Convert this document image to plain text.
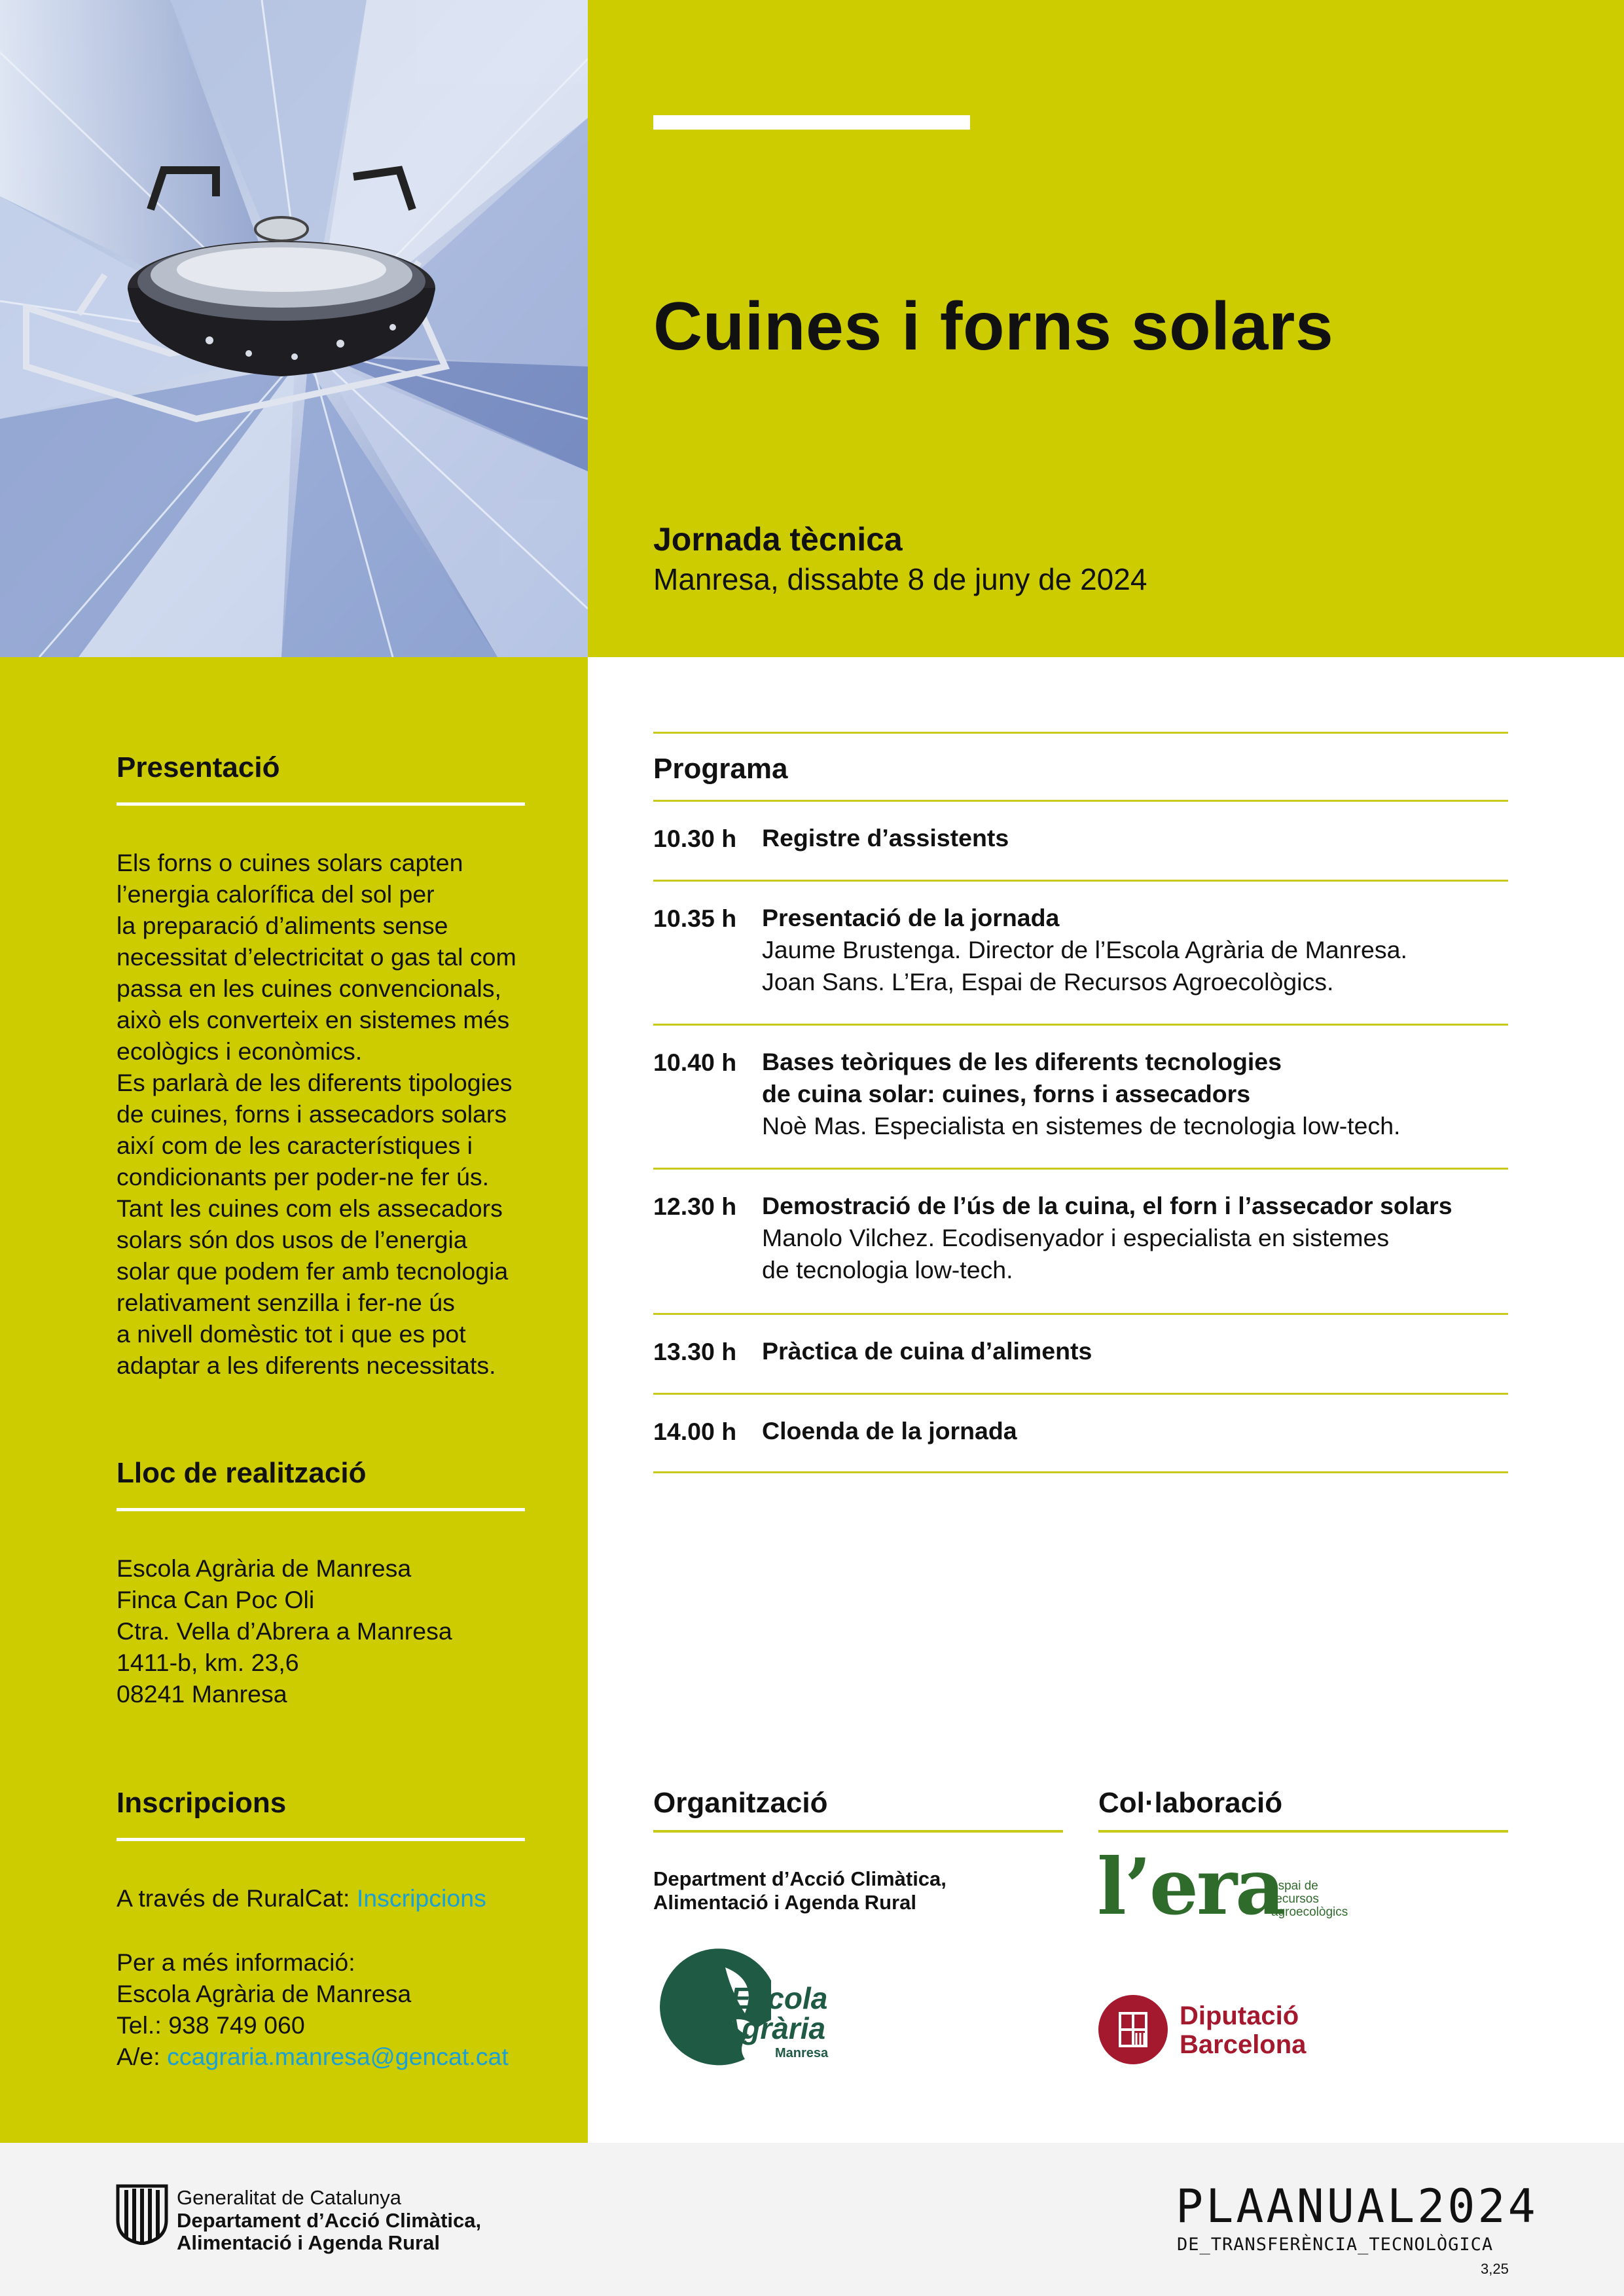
Cuines i forns solars
Jornada tècnica
Manresa, dissabte 8 de juny de 2024
Presentació
Els forns o cuines solars capten
l’energia calorífica del sol per
la preparació d’aliments sense
necessitat d’electricitat o gas tal com
passa en les cuines convencionals,
això els converteix en sistemes més
ecològics i econòmics.
Es parlarà de les diferents tipologies
de cuines, forns i assecadors solars
així com de les característiques i
condicionants per poder-ne fer ús.
Tant les cuines com els assecadors
solars són dos usos de l’energia
solar que podem fer amb tecnologia
relativament senzilla i fer-ne ús
a nivell domèstic tot i que es pot
adaptar a les diferents necessitats.
Lloc de realització
Escola Agrària de Manresa
Finca Can Poc Oli
Ctra. Vella d’Abrera a Manresa
1411-b, km. 23,6
08241 Manresa
Inscripcions
A través de RuralCat: Inscripcions
Per a més informació:
Escola Agrària de Manresa
Tel.: 938 749 060
A/e: ccagraria.manresa@gencat.cat
Programa
10.30 h Registre d’assistents
10.35 h Presentació de la jornada
Jaume Brustenga. Director de l’Escola Agrària de Manresa.
Joan Sans. L’Era, Espai de Recursos Agroecològics.
10.40 h Bases teòriques de les diferents tecnologies
de cuina solar: cuines, forns i assecadors
Noè Mas. Especialista en sistemes de tecnologia low-tech.
12.30 h Demostració de l’ús de la cuina, el forn i l’assecador solars
Manolo Vilchez. Ecodisenyador i especialista en sistemes
de tecnologia low-tech.
13.30 h Pràctica de cuina d’aliments
14.00 h Cloenda de la jornada
Organització
Department d’Acció Climàtica,
Alimentació i Agenda Rural
Escola
Agrària
Manresa
Col·laboració
l’era
espai de
recursos
agroecològics
Diputació
Barcelona
Generalitat de Catalunya
Departament d’Acció Climàtica,
Alimentació i Agenda Rural
PLAANUAL2024
DE_TRANSFERÈNCIA_TECNOLÒGICA
3,25
